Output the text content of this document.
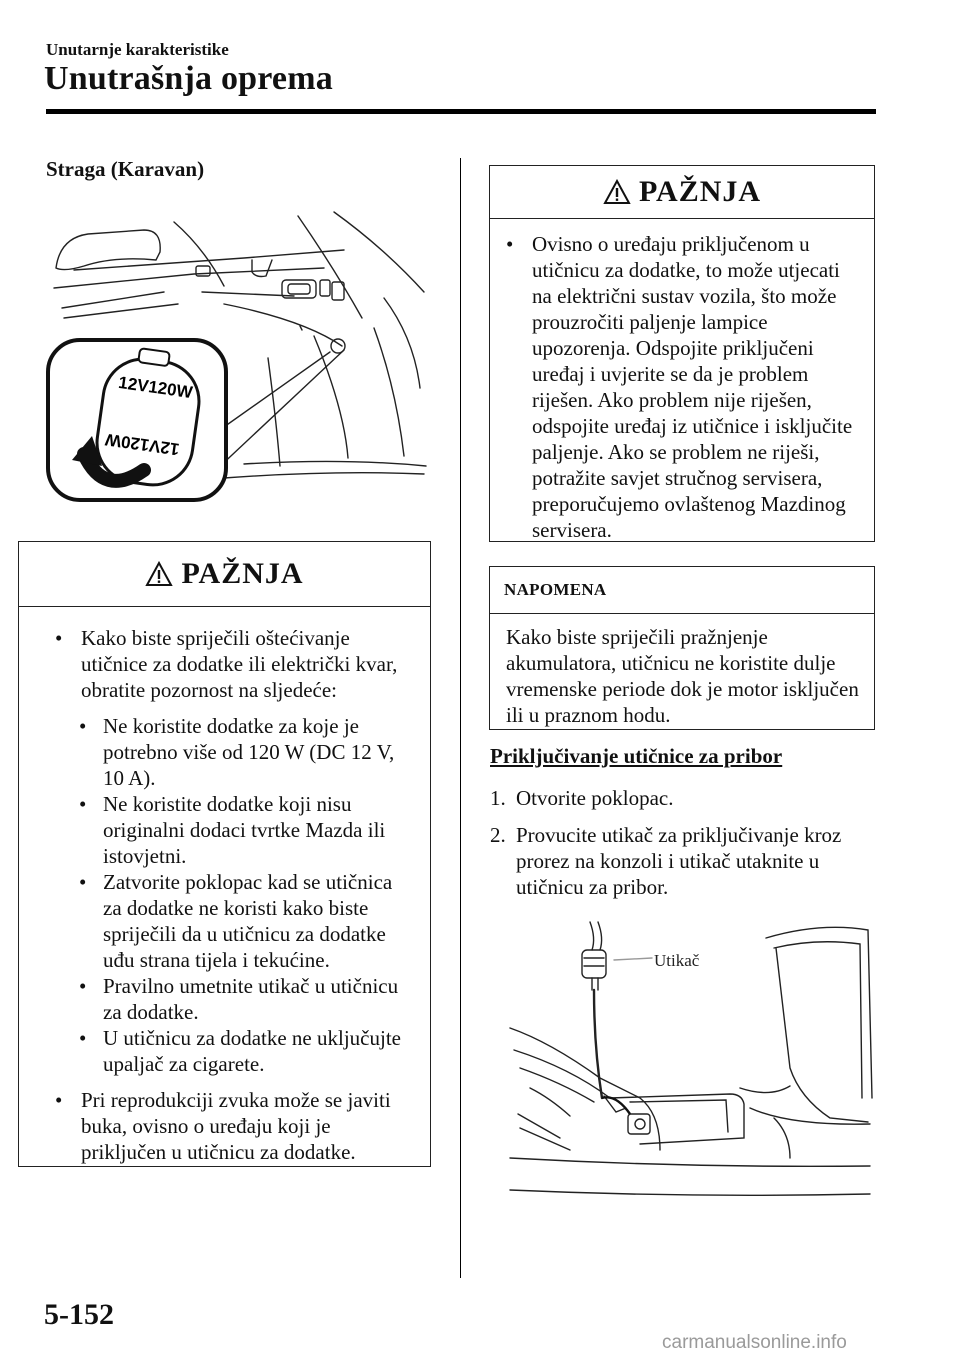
Unutarnje karakteristike
Unutrašnja oprema
Straga (Karavan)
12V120W
12V120W
PAŽNJA
• Kako biste spriječili oštećivanje utičnice za dodatke ili električki kvar, obratite pozornost na sljedeće:
• Ne koristite dodatke za koje je potrebno više od 120 W (DC 12 V, 10 A).
• Ne koristite dodatke koji nisu originalni dodaci tvrtke Mazda ili istovjetni.
• Zatvorite poklopac kad se utičnica za dodatke ne koristi kako biste spriječili da u utičnicu za dodatke uđu strana tijela i tekućine.
• Pravilno umetnite utikač u utičnicu za dodatke.
• U utičnicu za dodatke ne uključujte upaljač za cigarete.
• Pri reprodukciji zvuka može se javiti buka, ovisno o uređaju koji je priključen u utičnicu za dodatke.
PAŽNJA
• Ovisno o uređaju priključenom u utičnicu za dodatke, to može utjecati na električni sustav vozila, što može prouzročiti paljenje lampice upozorenja. Odspojite priključeni uređaj i uvjerite se da je problem riješen. Ako problem nije riješen, odspojite uređaj iz utičnice i isključite paljenje. Ako se problem ne riješi, potražite savjet stručnog servisera, preporučujemo ovlaštenog Mazdinog servisera.
NAPOMENA
Kako biste spriječili pražnjenje akumulatora, utičnicu ne koristite dulje vremenske periode dok je motor isključen ili u praznom hodu.
Priključivanje utičnice za pribor
1. Otvorite poklopac.
2. Provucite utikač za priključivanje kroz prorez na konzoli i utikač utaknite u utičnicu za pribor.
Utikač
5-152
carmanualsonline.info
